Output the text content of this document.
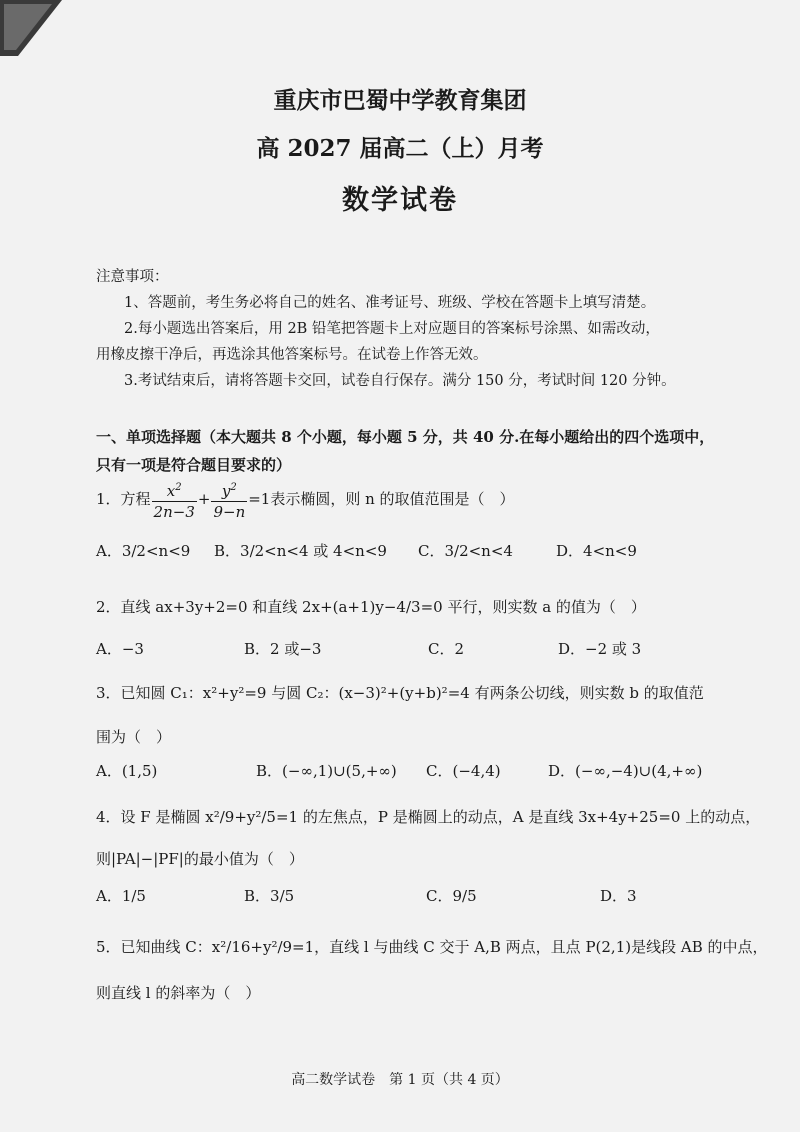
重庆市巴蜀中学教育集团
高 2027 届高二（上）月考
数学试卷
注意事项：
1、答题前，考生务必将自己的姓名、准考证号、班级、学校在答题卡上填写清楚。
2.每小题选出答案后，用 2B 铅笔把答题卡上对应题目的答案标号涂黑、如需改动，
用橡皮擦干净后，再选涂其他答案标号。在试卷上作答无效。
3.考试结束后，请将答题卡交回，试卷自行保存。满分 150 分，考试时间 120 分钟。
一、单项选择题（本大题共 8 个小题，每小题 5 分，共 40 分.在每小题给出的四个选项中，
只有一项是符合题目要求的）
1．方程 $\frac{x^2}{2n-3} + \frac{y^2}{9-n} =1$表示椭圆，则 n 的取值范围是（　）
A．3/2<n<9 B．3/2<n<4 或 4<n<9 C．3/2<n<4	D．4<n<9
2．直线 ax+3y+2=0 和直线 2x+(a+1)y−4/3=0 平行，则实数 a 的值为（　）
A．−3	B．2 或−3	C．2	D．−2 或 3
3．已知圆 C₁：x²+y²=9 与圆 C₂：(x−3)²+(y+b)²=4 有两条公切线，则实数 b 的取值范
围为（　）
A．(1,5)	B．(−∞,1)∪(5,+∞) C．(−4,4)	D．(−∞,−4)∪(4,+∞)
4．设 F 是椭圆 x²/9+y²/5=1 的左焦点，P 是椭圆上的动点，A 是直线 3x+4y+25=0 上的动点，
则|PA|−|PF|的最小值为（　）
A．1/5	B．3/5	C．9/5	D．3
5．已知曲线 C：x²/16+y²/9=1，直线 l 与曲线 C 交于 A,B 两点，且点 P(2,1)是线段 AB 的中点，
则直线 l 的斜率为（　）
高二数学试卷　第 1 页（共 4 页）
